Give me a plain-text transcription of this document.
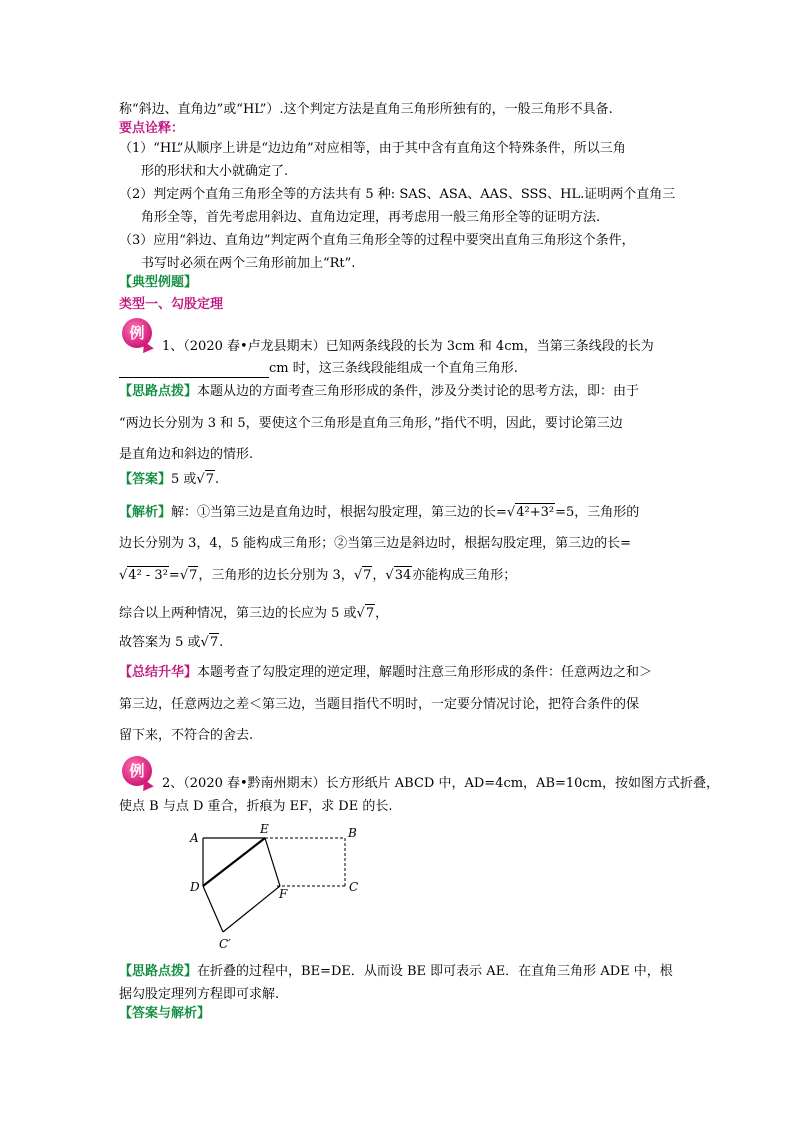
称“斜边、直角边”或“HL”）.这个判定方法是直角三角形所独有的，一般三角形不具备.
要点诠释：
（1）“HL”从顺序上讲是“边边角”对应相等，由于其中含有直角这个特殊条件，所以三角
形的形状和大小就确定了.
（2）判定两个直角三角形全等的方法共有 5 种: SAS、ASA、AAS、SSS、HL.证明两个直角三
角形全等，首先考虑用斜边、直角边定理，再考虑用一般三角形全等的证明方法.
（3）应用“斜边、直角边”判定两个直角三角形全等的过程中要突出直角三角形这个条件，
书写时必须在两个三角形前加上“Rt”.
【典型例题】
类型一、勾股定理
例
1、（2020 春•卢龙县期末）已知两条线段的长为 3cm 和 4cm，当第三条线段的长为
cm 时，这三条线段能组成一个直角三角形.
【思路点拨】本题从边的方面考查三角形形成的条件，涉及分类讨论的思考方法，即：由于
“两边长分别为 3 和 5，要使这个三角形是直角三角形，”指代不明，因此，要讨论第三边
是直角边和斜边的情形.
【答案】5 或√7.
【解析】解：①当第三边是直角边时，根据勾股定理，第三边的长=√4²+3²=5，三角形的
边长分别为 3，4，5 能构成三角形；②当第三边是斜边时，根据勾股定理，第三边的长=
√4² - 3²=√7，三角形的边长分别为 3，√7，√34亦能构成三角形；
综合以上两种情况，第三边的长应为 5 或√7，
故答案为 5 或√7.
【总结升华】本题考查了勾股定理的逆定理，解题时注意三角形形成的条件：任意两边之和＞
第三边，任意两边之差＜第三边，当题目指代不明时，一定要分情况讨论，把符合条件的保
留下来，不符合的舍去.
例
2、（2020 春•黔南州期末）长方形纸片 ABCD 中，AD=4cm，AB=10cm，按如图方式折叠，
使点 B 与点 D 重合，折痕为 EF，求 DE 的长.
A
E	B
D	F	C
C′
【思路点拨】在折叠的过程中，BE=DE．从而设 BE 即可表示 AE．在直角三角形 ADE 中，根
据勾股定理列方程即可求解.
【答案与解析】
